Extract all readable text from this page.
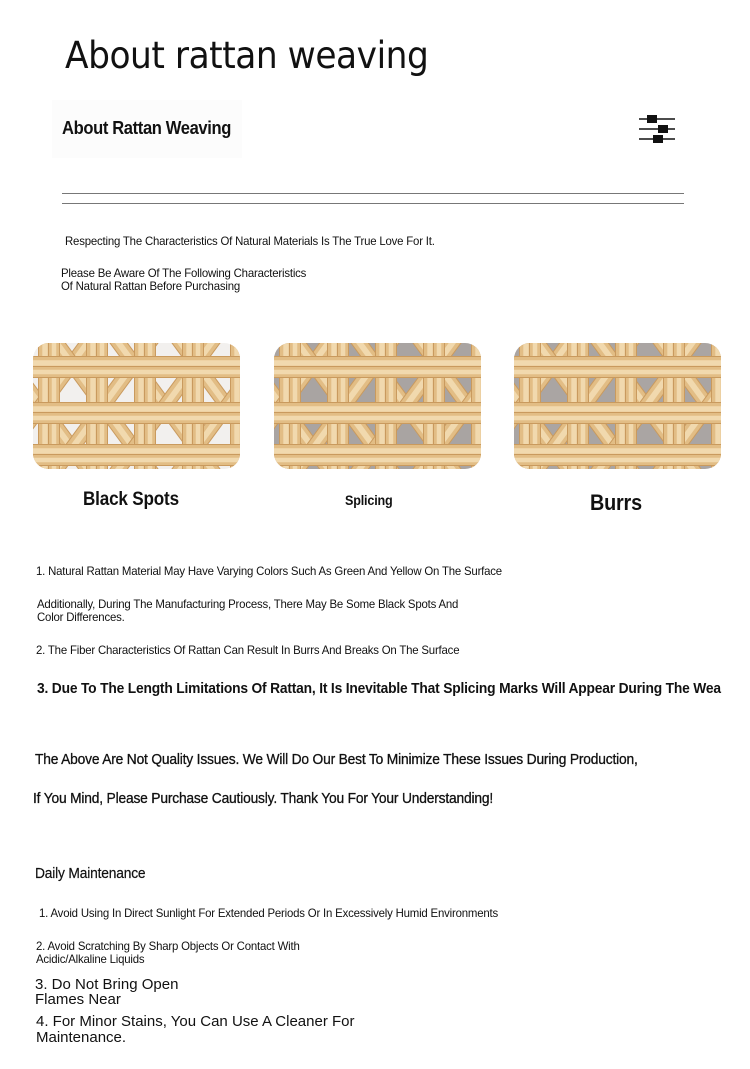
About rattan weaving
About Rattan Weaving
Respecting The Characteristics Of Natural Materials Is The True Love For It.
Please Be Aware Of The Following Characteristics
Of Natural Rattan Before Purchasing
Black Spots	Splicing	Burrs
1. Natural Rattan Material May Have Varying Colors Such As Green And Yellow On The Surface
Additionally, During The Manufacturing Process, There May Be Some Black Spots And
Color Differences.
2. The Fiber Characteristics Of Rattan Can Result In Burrs And Breaks On The Surface
3. Due To The Length Limitations Of Rattan, It Is Inevitable That Splicing Marks Will Appear During The Wea
The Above Are Not Quality Issues. We Will Do Our Best To Minimize These Issues During Production,
If You Mind, Please Purchase Cautiously. Thank You For Your Understanding!
Daily Maintenance
1. Avoid Using In Direct Sunlight For Extended Periods Or In Excessively Humid Environments
2. Avoid Scratching By Sharp Objects Or Contact With
Acidic/Alkaline Liquids
3. Do Not Bring Open
Flames Near
4. For Minor Stains, You Can Use A Cleaner For
Maintenance.
